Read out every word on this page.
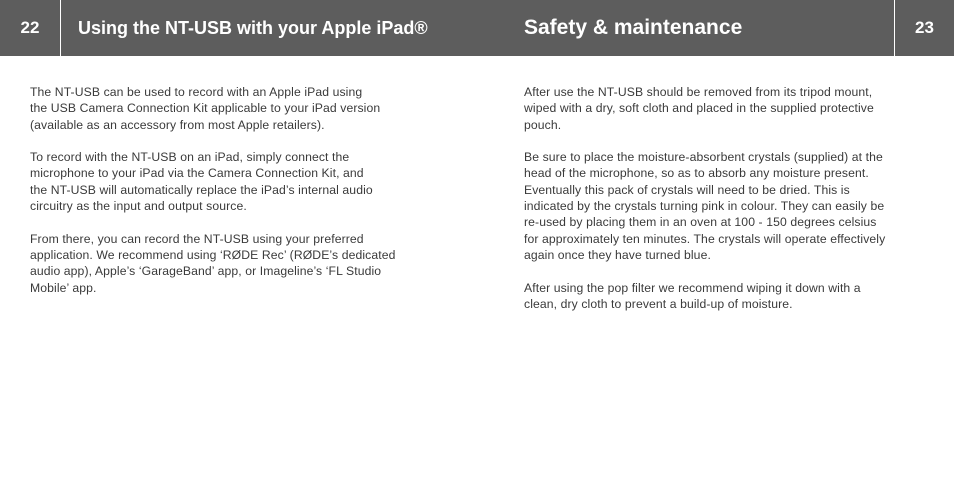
22	Using the NT-USB with your Apple iPad®	Safety & maintenance	23

The NT-USB can be used to record with an Apple iPad using
the USB Camera Connection Kit applicable to your iPad version
(available as an accessory from most Apple retailers).

To record with the NT-USB on an iPad, simply connect the
microphone to your iPad via the Camera Connection Kit, and
the NT-USB will automatically replace the iPad’s internal audio
circuitry as the input and output source.

From there, you can record the NT-USB using your preferred
application. We recommend using ‘RØDE Rec’ (RØDE’s dedicated
audio app), Apple’s ‘GarageBand’ app, or Imageline’s ‘FL Studio
Mobile’ app.

After use the NT-USB should be removed from its tripod mount,
wiped with a dry, soft cloth and placed in the supplied protective
pouch.

Be sure to place the moisture-absorbent crystals (supplied) at the
head of the microphone, so as to absorb any moisture present.
Eventually this pack of crystals will need to be dried. This is
indicated by the crystals turning pink in colour. They can easily be
re-used by placing them in an oven at 100 - 150 degrees celsius
for approximately ten minutes. The crystals will operate effectively
again once they have turned blue.

After using the pop filter we recommend wiping it down with a
clean, dry cloth to prevent a build-up of moisture.
